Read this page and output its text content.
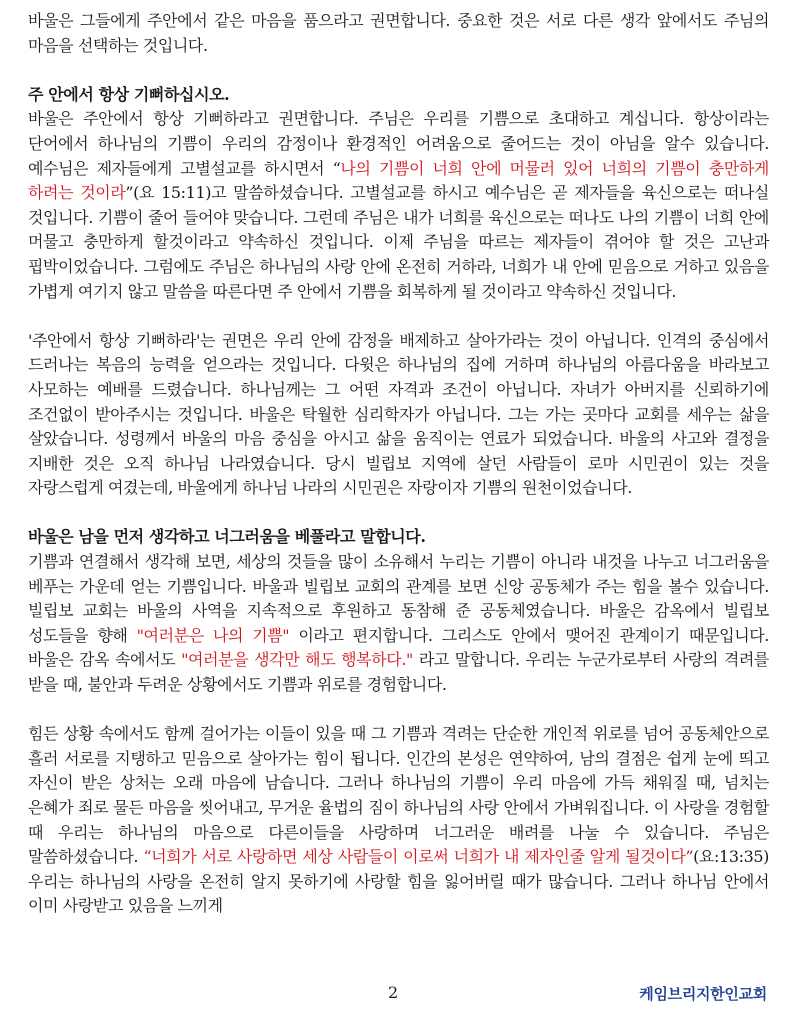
바울은 그들에게 주안에서 같은 마음을 품으라고 권면합니다. 중요한 것은 서로 다른 생각 앞에서도 주님의 마음을 선택하는 것입니다.

주 안에서 항상 기뻐하십시오.

바울은 주안에서 항상 기뻐하라고 권면합니다. 주님은 우리를 기쁨으로 초대하고 계십니다. 항상이라는 단어에서 하나님의 기쁨이 우리의 감정이나 환경적인 어려움으로 줄어드는 것이 아님을 알수 있습니다. 예수님은 제자들에게 고별설교를 하시면서 “나의 기쁨이 너희 안에 머물러 있어 너희의 기쁨이 충만하게 하려는 것이라”(요 15:11)고 말씀하셨습니다. 고별설교를 하시고 예수님은 곧 제자들을 육신으로는 떠나실 것입니다. 기쁨이 줄어 들어야 맞습니다. 그런데 주님은 내가 너희를 육신으로는 떠나도 나의 기쁨이 너희 안에 머물고 충만하게 할것이라고 약속하신 것입니다. 이제 주님을 따르는 제자들이 겪어야 할 것은 고난과 핍박이었습니다. 그럼에도 주님은 하나님의 사랑 안에 온전히 거하라, 너희가 내 안에 믿음으로 거하고 있음을 가볍게 여기지 않고 말씀을 따른다면 주 안에서 기쁨을 회복하게 될 것이라고 약속하신 것입니다.

'주안에서 항상 기뻐하라'는 권면은 우리 안에 감정을 배제하고 살아가라는 것이 아닙니다. 인격의 중심에서 드러나는 복음의 능력을 얻으라는 것입니다. 다윗은 하나님의 집에 거하며 하나님의 아름다움을 바라보고 사모하는 예배를 드렸습니다. 하나님께는 그 어떤 자격과 조건이 아닙니다. 자녀가 아버지를 신뢰하기에 조건없이 받아주시는 것입니다. 바울은 탁월한 심리학자가 아닙니다. 그는 가는 곳마다 교회를 세우는 삶을 살았습니다. 성령께서 바울의 마음 중심을 아시고 삶을 움직이는 연료가 되었습니다. 바울의 사고와 결정을 지배한 것은 오직 하나님 나라였습니다. 당시 빌립보 지역에 살던 사람들이 로마 시민권이 있는 것을 자랑스럽게 여겼는데, 바울에게 하나님 나라의 시민권은 자랑이자 기쁨의 원천이었습니다.

바울은 남을 먼저 생각하고 너그러움을 베풀라고 말합니다.

기쁨과 연결해서 생각해 보면, 세상의 것들을 많이 소유해서 누리는 기쁨이 아니라 내것을 나누고 너그러움을 베푸는 가운데 얻는 기쁨입니다. 바울과 빌립보 교회의 관계를 보면 신앙 공동체가 주는 힘을 볼수 있습니다. 빌립보 교회는 바울의 사역을 지속적으로 후원하고 동참해 준 공동체였습니다. 바울은 감옥에서 빌립보 성도들을 향해 "여러분은 나의 기쁨" 이라고 편지합니다. 그리스도 안에서 맺어진 관계이기 때문입니다. 바울은 감옥 속에서도 "여러분을 생각만 해도 행복하다." 라고 말합니다. 우리는 누군가로부터 사랑의 격려를 받을 때, 불안과 두려운 상황에서도 기쁨과 위로를 경험합니다.

힘든 상황 속에서도 함께 걸어가는 이들이 있을 때 그 기쁨과 격려는 단순한 개인적 위로를 넘어 공동체안으로 흘러 서로를 지탱하고 믿음으로 살아가는 힘이 됩니다. 인간의 본성은 연약하여, 남의 결점은 쉽게 눈에 띄고 자신이 받은 상처는 오래 마음에 남습니다. 그러나 하나님의 기쁨이 우리 마음에 가득 채워질 때, 넘치는 은혜가 죄로 물든 마음을 씻어내고, 무거운 율법의 짐이 하나님의 사랑 안에서 가벼워집니다. 이 사랑을 경험할 때 우리는 하나님의 마음으로 다른이들을 사랑하며 너그러운 배려를 나눌 수 있습니다. 주님은 말씀하셨습니다. “너희가 서로 사랑하면 세상 사람들이 이로써 너희가 내 제자인줄 알게 될것이다”(요:13:35) 우리는 하나님의 사랑을 온전히 알지 못하기에 사랑할 힘을 잃어버릴 때가 많습니다. 그러나 하나님 안에서 이미 사랑받고 있음을 느끼게

2	케임브리지한인교회
